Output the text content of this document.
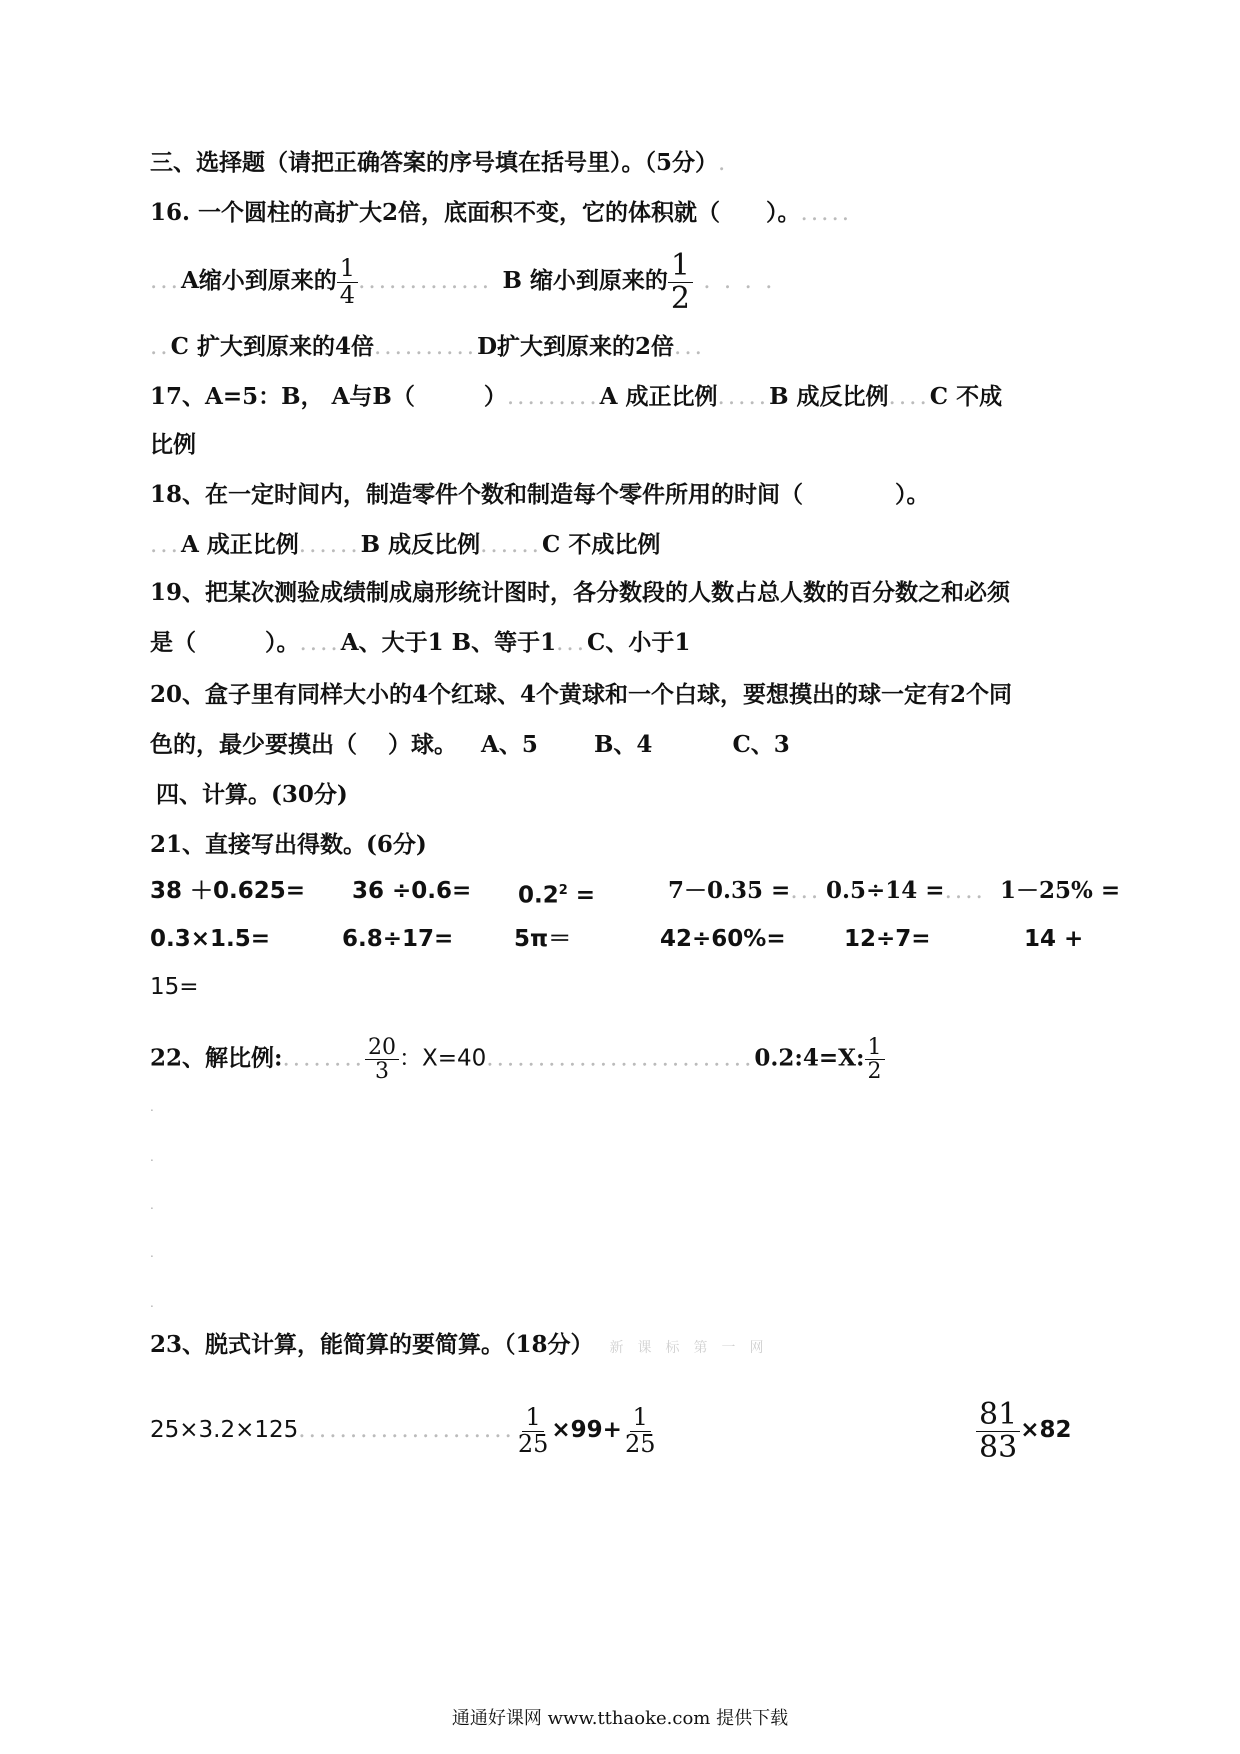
三、选择题（请把正确答案的序号填在括号里）。（5分）.
16. 一个圆柱的高扩大2倍，底面积不变，它的体积就（　　）。.....
...A缩小到原来的 $\frac{1}{4}$ ............. B 缩小到原来的 $\frac{1}{2}$ . . . .
..C 扩大到原来的4倍..........D扩大到原来的2倍...
17、A=5：B， A与B（　　　）.........A 成正比例.....B 成反比例....C 不成
比例
18、在一定时间内，制造零件个数和制造每个零件所用的时间（　　　　）。
...A 成正比例......B 成反比例......C 不成比例
19、把某次测验成绩制成扇形统计图时，各分数段的人数占总人数的百分数之和必须
是（　　　）。....A、大于1 B、等于1...C、小于1
20、盒子里有同样大小的4个红球、4个黄球和一个白球，要想摸出的球一定有2个同
色的，最少要摸出（　 ）球。 A、5 B、4	C、3
四、计算。(30分)
21、直接写出得数。(6分)
$38 +0.625= 36 \div 0.6= 0.2^2$ =	7－0.35 =... 0.5÷14 =.... 1－25% =
0.3×1.5=	6.8÷17=	5π＝	42÷60%=	12÷7=	14 +
15=
22、解比例:........ $\frac{20}{3}$ ：X=40..........................0.2:4=X: $\frac{1}{2}$
.
.
.
.
.
23、脱式计算，能简算的要简算。（18分） 新课标第一网
25×3.2×125..................... $\frac{1}{25} \times 99+ \frac{1}{25}$	$\frac{81}{83} \times 82$
通通好课网 www.tthaoke.com 提供下载
